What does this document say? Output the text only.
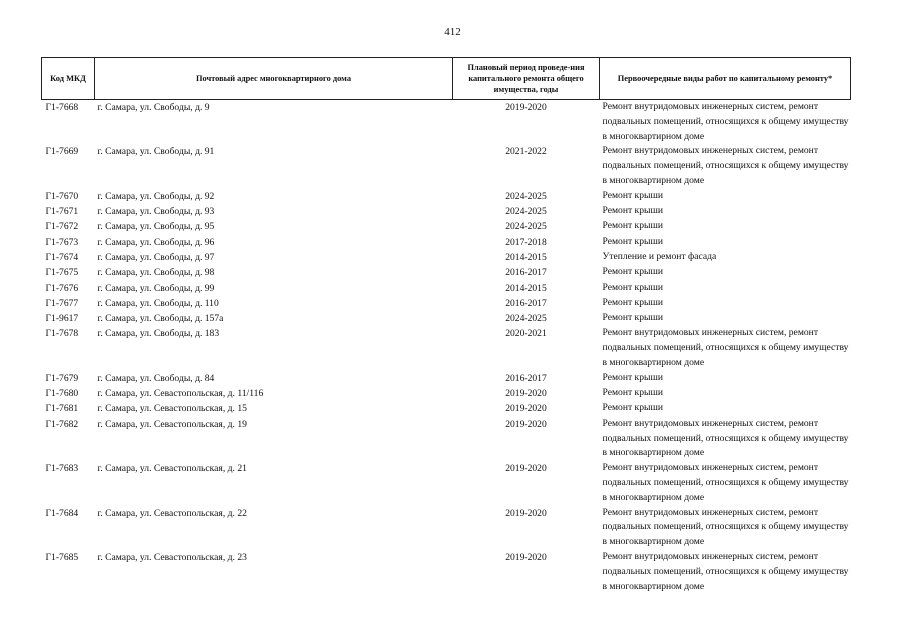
412
Код МКД	Почтовый адрес многоквартирного дома	Плановый период проведе-ния капитального ремонта общего имущества, годы	Первоочередные виды работ по капитальному ремонту*
Г1-7668	г. Самара, ул. Свободы, д. 9	2019-2020	Ремонт внутридомовых инженерных систем, ремонт подвальных помещений, относящихся к общему имуществу в многоквартирном доме
Г1-7669	г. Самара, ул. Свободы, д. 91	2021-2022	Ремонт внутридомовых инженерных систем, ремонт подвальных помещений, относящихся к общему имуществу в многоквартирном доме
Г1-7670	г. Самара, ул. Свободы, д. 92	2024-2025	Ремонт крыши
Г1-7671	г. Самара, ул. Свободы, д. 93	2024-2025	Ремонт крыши
Г1-7672	г. Самара, ул. Свободы, д. 95	2024-2025	Ремонт крыши
Г1-7673	г. Самара, ул. Свободы, д. 96	2017-2018	Ремонт крыши
Г1-7674	г. Самара, ул. Свободы, д. 97	2014-2015	Утепление и ремонт фасада
Г1-7675	г. Самара, ул. Свободы, д. 98	2016-2017	Ремонт крыши
Г1-7676	г. Самара, ул. Свободы, д. 99	2014-2015	Ремонт крыши
Г1-7677	г. Самара, ул. Свободы, д. 110	2016-2017	Ремонт крыши
Г1-9617	г. Самара, ул. Свободы, д. 157а	2024-2025	Ремонт крыши
Г1-7678	г. Самара, ул. Свободы, д. 183	2020-2021	Ремонт внутридомовых инженерных систем, ремонт подвальных помещений, относящихся к общему имуществу в многоквартирном доме
Г1-7679	г. Самара, ул. Свободы, д. 84	2016-2017	Ремонт крыши
Г1-7680	г. Самара, ул. Севастопольская, д. 11/116	2019-2020	Ремонт крыши
Г1-7681	г. Самара, ул. Севастопольская, д. 15	2019-2020	Ремонт крыши
Г1-7682	г. Самара, ул. Севастопольская, д. 19	2019-2020	Ремонт внутридомовых инженерных систем, ремонт подвальных помещений, относящихся к общему имуществу в многоквартирном доме
Г1-7683	г. Самара, ул. Севастопольская, д. 21	2019-2020	Ремонт внутридомовых инженерных систем, ремонт подвальных помещений, относящихся к общему имуществу в многоквартирном доме
Г1-7684	г. Самара, ул. Севастопольская, д. 22	2019-2020	Ремонт внутридомовых инженерных систем, ремонт подвальных помещений, относящихся к общему имуществу в многоквартирном доме
Г1-7685	г. Самара, ул. Севастопольская, д. 23	2019-2020	Ремонт внутридомовых инженерных систем, ремонт подвальных помещений, относящихся к общему имуществу в многоквартирном доме
